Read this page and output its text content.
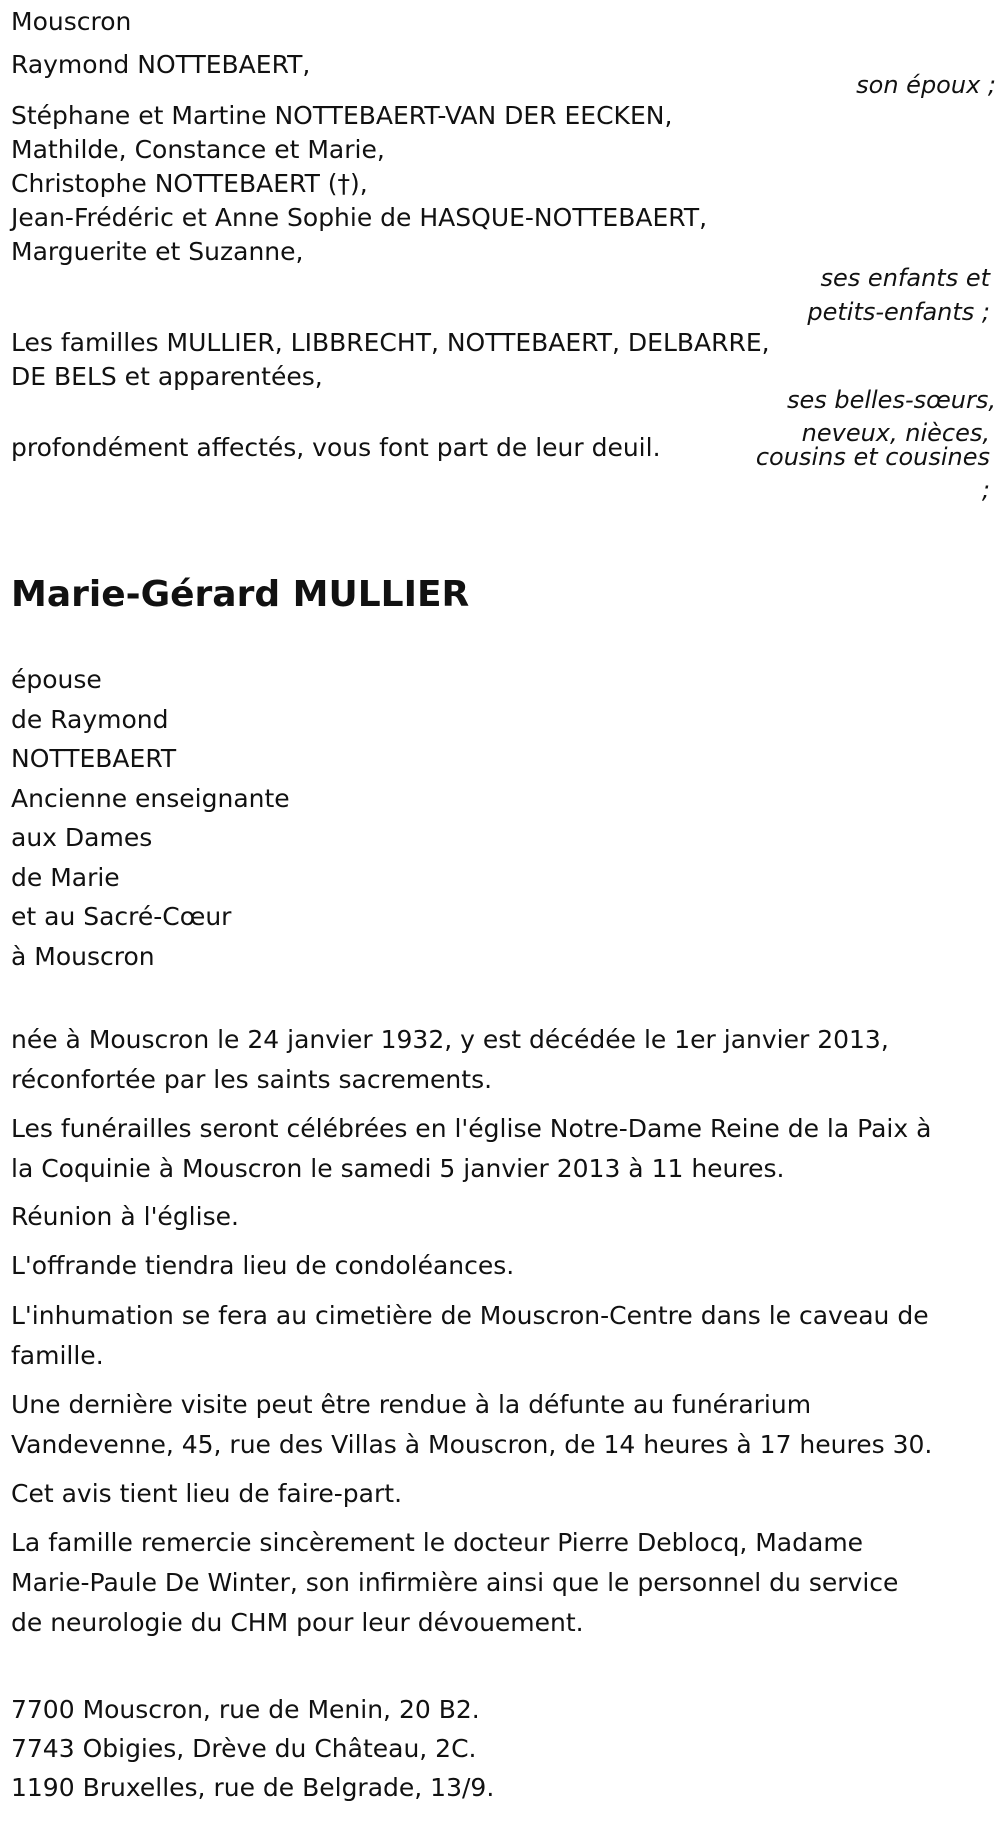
Mouscron
Raymond NOTTEBAERT,
son époux ;
Stéphane et Martine NOTTEBAERT-VAN DER EECKEN,
Mathilde, Constance et Marie,
Christophe NOTTEBAERT (†),
Jean-Frédéric et Anne Sophie de HASQUE-NOTTEBAERT,
Marguerite et Suzanne,
ses enfants et
petits-enfants ;
Les familles MULLIER, LIBBRECHT, NOTTEBAERT, DELBARRE,
DE BELS et apparentées,
ses belles-sœurs,
profondément affectés, vous font part de leur deuil.	neveux, nièces,
cousins et cousines
;
Marie-Gérard MULLIER
épouse
de Raymond
NOTTEBAERT
Ancienne enseignante
aux Dames
de Marie
et au Sacré-Cœur
à Mouscron
née à Mouscron le 24 janvier 1932, y est décédée le 1er janvier 2013,
réconfortée par les saints sacrements.
Les funérailles seront célébrées en l'église Notre-Dame Reine de la Paix à
la Coquinie à Mouscron le samedi 5 janvier 2013 à 11 heures.
Réunion à l'église.
L'offrande tiendra lieu de condoléances.
L'inhumation se fera au cimetière de Mouscron-Centre dans le caveau de
famille.
Une dernière visite peut être rendue à la défunte au funérarium
Vandevenne, 45, rue des Villas à Mouscron, de 14 heures à 17 heures 30.
Cet avis tient lieu de faire-part.
La famille remercie sincèrement le docteur Pierre Deblocq, Madame
Marie-Paule De Winter, son infirmière ainsi que le personnel du service
de neurologie du CHM pour leur dévouement.
7700 Mouscron, rue de Menin, 20 B2.
7743 Obigies, Drève du Château, 2C.
1190 Bruxelles, rue de Belgrade, 13/9.
